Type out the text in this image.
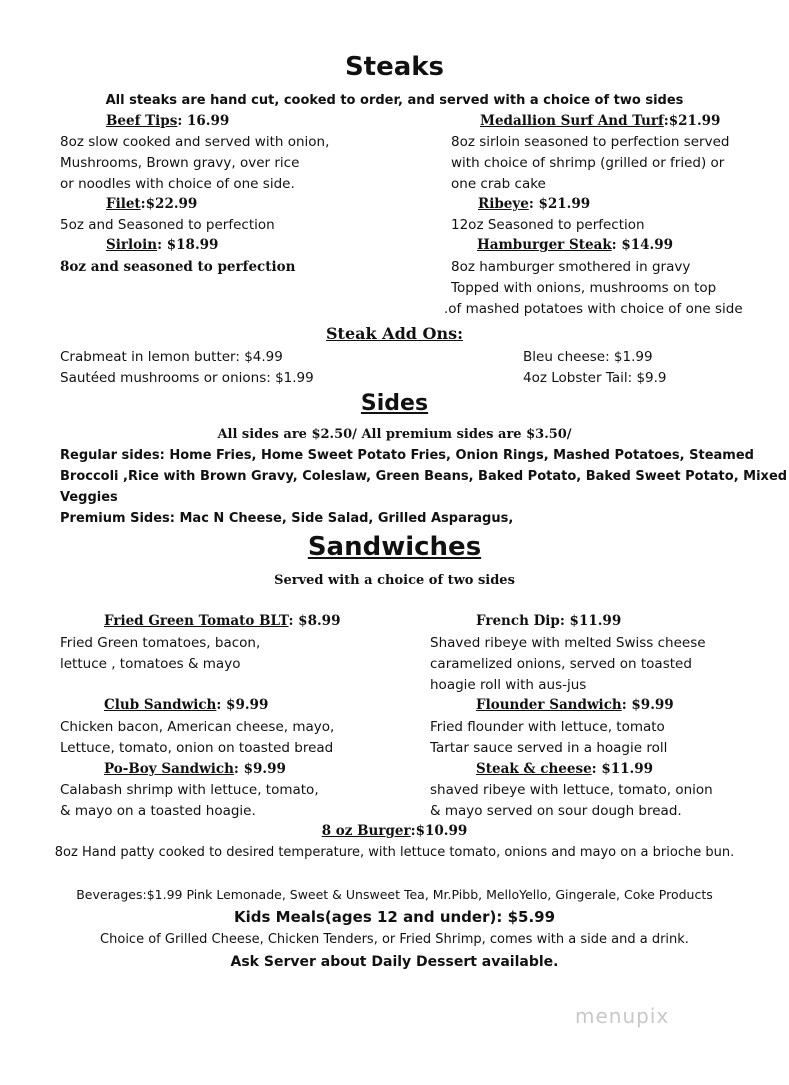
Steaks
All steaks are hand cut, cooked to order, and served with a choice of two sides
Beef Tips: 16.99
8oz slow cooked and served with onion,
Mushrooms, Brown gravy, over rice
or noodles with choice of one side.
Filet:$22.99
5oz and Seasoned to perfection
Sirloin: $18.99
8oz and seasoned to perfection
Medallion Surf And Turf:$21.99
8oz sirloin seasoned to perfection served
with choice of shrimp (grilled or fried) or
one crab cake
Ribeye: $21.99
12oz Seasoned to perfection
Hamburger Steak: $14.99
8oz hamburger smothered in gravy
Topped with onions, mushrooms on top
.of mashed potatoes with choice of one side
Steak Add Ons:
Crabmeat in lemon butter: $4.99
Sautéed mushrooms or onions: $1.99
Bleu cheese: $1.99
4oz Lobster Tail: $9.9
Sides
All sides are $2.50/ All premium sides are $3.50/
Regular sides: Home Fries, Home Sweet Potato Fries, Onion Rings, Mashed Potatoes, Steamed
Broccoli ,Rice with Brown Gravy, Coleslaw, Green Beans, Baked Potato, Baked Sweet Potato, Mixed
Veggies
Premium Sides: Mac N Cheese, Side Salad, Grilled Asparagus,
Sandwiches
Served with a choice of two sides
Fried Green Tomato BLT: $8.99
Fried Green tomatoes, bacon,
lettuce , tomatoes & mayo
Club Sandwich: $9.99
Chicken bacon, American cheese, mayo,
Lettuce, tomato, onion on toasted bread
Po-Boy Sandwich: $9.99
Calabash shrimp with lettuce, tomato,
& mayo on a toasted hoagie.
French Dip: $11.99
Shaved ribeye with melted Swiss cheese
caramelized onions, served on toasted
hoagie roll with aus-jus
Flounder Sandwich: $9.99
Fried flounder with lettuce, tomato
Tartar sauce served in a hoagie roll
Steak & cheese: $11.99
shaved ribeye with lettuce, tomato, onion
& mayo served on sour dough bread.
8 oz Burger:$10.99
8oz Hand patty cooked to desired temperature, with lettuce tomato, onions and mayo on a brioche bun.
Beverages:$1.99 Pink Lemonade, Sweet & Unsweet Tea, Mr.Pibb, MelloYello, Gingerale, Coke Products
Kids Meals(ages 12 and under): $5.99
Choice of Grilled Cheese, Chicken Tenders, or Fried Shrimp, comes with a side and a drink.
Ask Server about Daily Dessert available.
menupix
